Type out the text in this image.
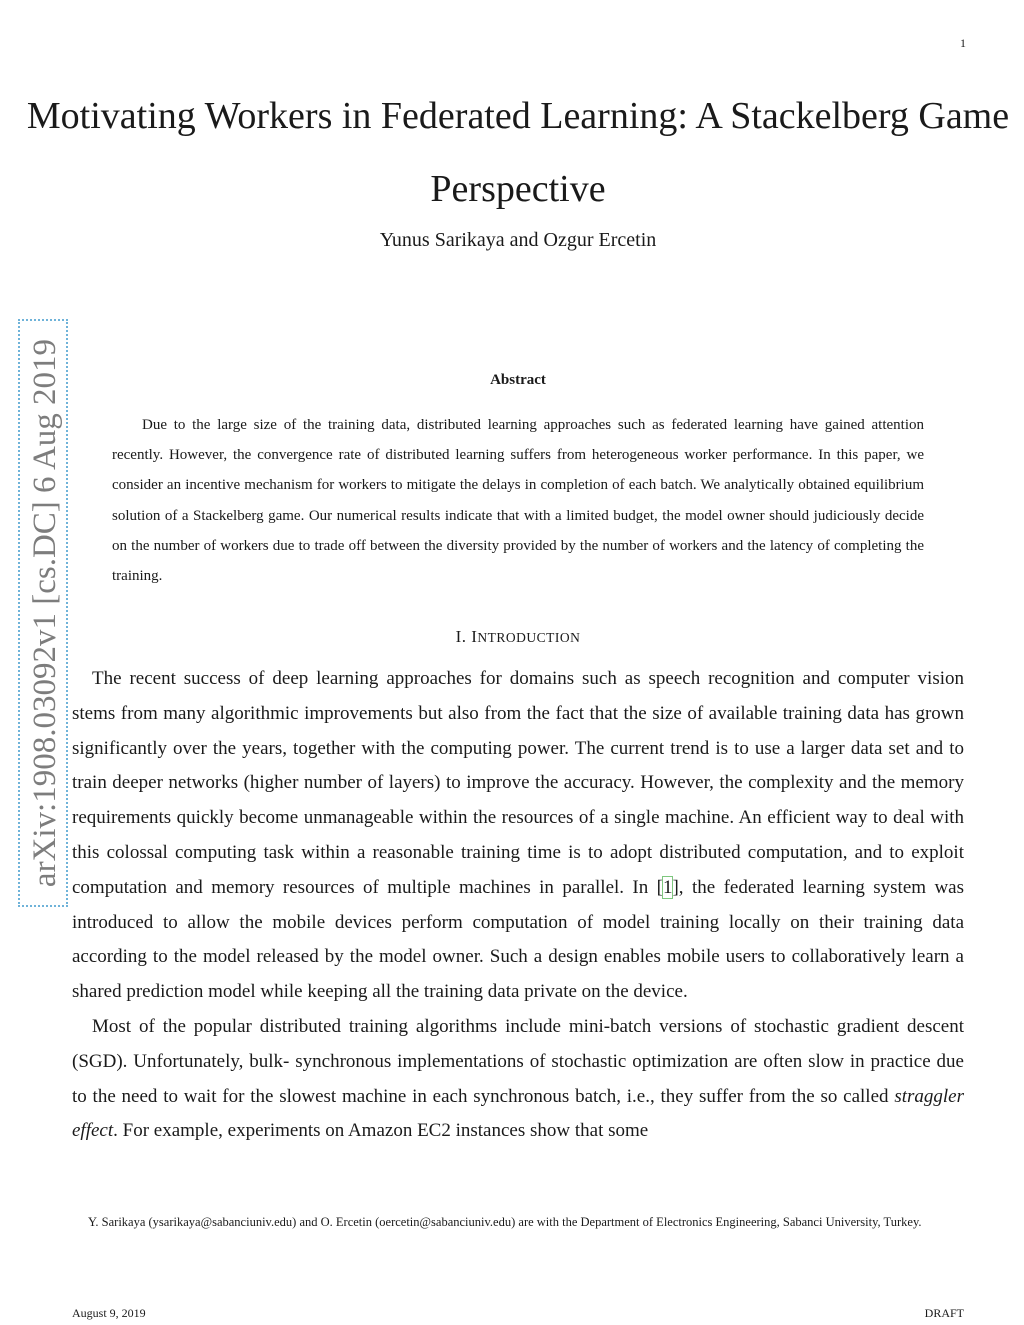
1
Motivating Workers in Federated Learning: A Stackelberg Game Perspective
Yunus Sarikaya and Ozgur Ercetin
arXiv:1908.03092v1 [cs.DC] 6 Aug 2019	Abstract
Due to the large size of the training data, distributed learning approaches such as federated learning have gained attention recently. However, the convergence rate of distributed learning suffers from heterogeneous worker performance. In this paper, we consider an incentive mechanism for workers to mitigate the delays in completion of each batch. We analytically obtained equilibrium solution of a Stackelberg game. Our numerical results indicate that with a limited budget, the model owner should judiciously decide on the number of workers due to trade off between the diversity provided by the number of workers and the latency of completing the training.
I. INTRODUCTION

The recent success of deep learning approaches for domains such as speech recognition and computer vision stems from many algorithmic improvements but also from the fact that the size of available training data has grown significantly over the years, together with the computing power. The current trend is to use a larger data set and to train deeper networks (higher number of layers) to improve the accuracy. However, the complexity and the memory requirements quickly become unmanageable within the resources of a single machine. An efficient way to deal with this colossal computing task within a reasonable training time is to adopt distributed computation, and to exploit computation and memory resources of multiple machines in parallel. In [1], the federated learning system was introduced to allow the mobile devices perform computation of model training locally on their training data according to the model released by the model owner. Such a design enables mobile users to collaboratively learn a shared prediction model while keeping all the training data private on the device.

Most of the popular distributed training algorithms include mini-batch versions of stochastic gradient descent (SGD). Unfortunately, bulk- synchronous implementations of stochastic optimization are often slow in practice due to the need to wait for the slowest machine in each synchronous batch, i.e., they suffer from the so called straggler effect. For example, experiments on Amazon EC2 instances show that some

Y. Sarikaya (ysarikaya@sabanciuniv.edu) and O. Ercetin (oercetin@sabanciuniv.edu) are with the Department of Electronics Engineering, Sabanci University, Turkey.
August 9, 2019	DRAFT
